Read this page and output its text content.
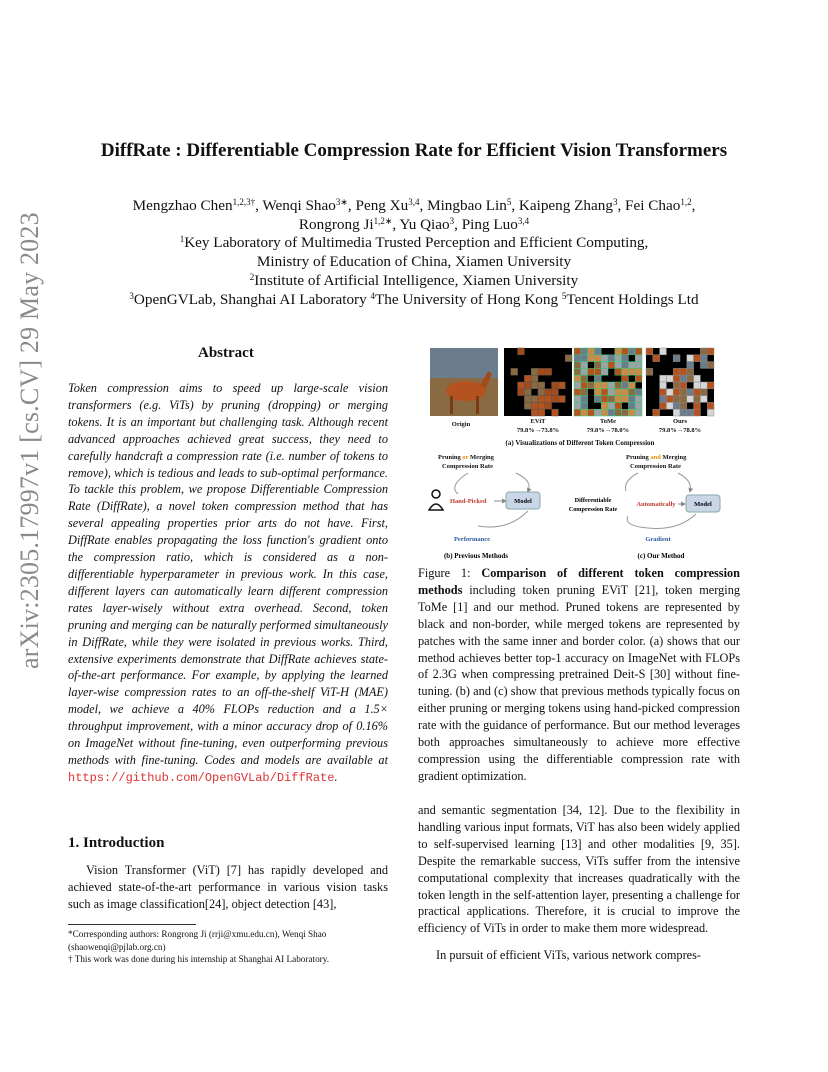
arXiv:2305.17997v1 [cs.CV] 29 May 2023
DiffRate : Differentiable Compression Rate for Efficient Vision Transformers
Mengzhao Chen$^{1,2,3\dagger}$, Wenqi Shao$^{3∗}$, Peng Xu$^{3,4}$, Mingbao Lin$^5$, Kaipeng Zhang$^3$, Fei Chao$^{1,2}$,
Rongrong $Ji^{1,2∗}$, Yu Qiao$^3$, Ping Luo$^{3,4}$
$^1$Key Laboratory of Multimedia Trusted Perception and Efficient Computing,
Ministry of Education of China, Xiamen University
$^2$Institute of Artificial Intelligence, Xiamen University
$^3$OpenGVLab, Shanghai AI Laboratory $^4$The University of Hong Kong $^5$Tencent Holdings Ltd
Abstract
Token compression aims to speed up large-scale vision transformers (e.g. ViTs) by pruning (dropping) or merging tokens. It is an important but challenging task. Although recent advanced approaches achieved great success, they need to carefully handcraft a compression rate (i.e. number of tokens to remove), which is tedious and leads to sub-optimal performance. To tackle this problem, we propose Differentiable Compression Rate (DiffRate), a novel token compression method that has several appealing properties prior arts do not have. First, DiffRate enables propagating the loss function's gradient onto the compression ratio, which is considered as a non-differentiable hyperparameter in previous work. In this case, different layers can automatically learn different compression rates layer-wisely without extra overhead. Second, token pruning and merging can be naturally performed simultaneously in DiffRate, while they were isolated in previous works. Third, extensive experiments demonstrate that DiffRate achieves state-of-the-art performance. For example, by applying the learned layer-wise compression rates to an off-the-shelf ViT-H (MAE) model, we achieve a 40% FLOPs reduction and a 1.5× throughput improvement, with a minor accuracy drop of 0.16% on ImageNet without fine-tuning, even outperforming previous methods with fine-tuning. Codes and models are available at https://github.com/OpenGVLab/DiffRate.
1. Introduction
Vision Transformer (ViT) [7] has rapidly developed and achieved state-of-the-art performance in various vision tasks such as image classification[24], object detection [43],
*Corresponding authors: Rongrong Ji (rrji@xmu.edu.cn), Wenqi Shao (shaowenqi@pjlab.org.cn)
† This work was done during his internship at Shanghai AI Laboratory.
Origin	EViT
79.8%→73.8%
ToMe
79.8%→78.0%
Ours
79.8%→78.8%
(a) Visualizations of Different Token Compression
Pruning or Merging
Compression Rate
Hand-Picked	Model
Performance
(b) Previous Methods
Pruning and Merging
Compression Rate
Differentiable
Compression Rate
Automatically	Model
Gradient
(c) Our Method
Figure 1: Comparison of different token compression methods including token pruning EViT [21], token merging ToMe [1] and our method. Pruned tokens are represented by black and non-border, while merged tokens are represented by patches with the same inner and border color. (a) shows that our method achieves better top-1 accuracy on ImageNet with FLOPs of 2.3G when compressing pretrained Deit-S [30] without fine-tuning. (b) and (c) show that previous methods typically focus on either pruning or merging tokens using hand-picked compression rate with the guidance of performance. But our method leverages both approaches simultaneously to achieve more effective compression using the differentiable compression rate with gradient optimization.
and semantic segmentation [34, 12]. Due to the flexibility in handling various input formats, ViT has also been widely applied to self-supervised learning [13] and other modalities [9, 35]. Despite the remarkable success, ViTs suffer from the intensive computational complexity that increases quadratically with the token length in the self-attention layer, presenting a challenge for practical applications. Therefore, it is crucial to improve the efficiency of ViTs in order to make them more widespread.
In pursuit of efficient ViTs, various network compres-
